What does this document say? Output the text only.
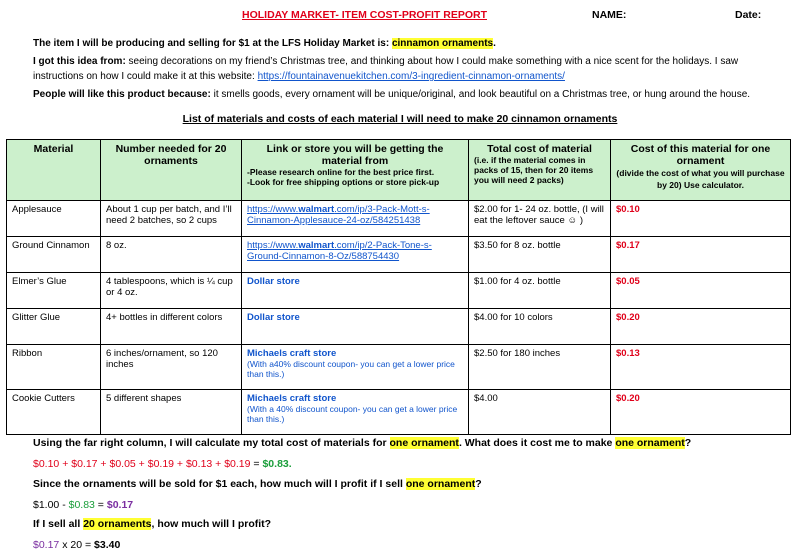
HOLIDAY MARKET- ITEM COST-PROFIT REPORT	NAME:	Date:
The item I will be producing and selling for $1 at the LFS Holiday Market is: cinnamon ornaments.
I got this idea from: seeing decorations on my friend’s Christmas tree, and thinking about how I could make something with a nice scent for the holidays. I saw
instructions on how I could make it at this website: https://fountainavenuekitchen.com/3-ingredient-cinnamon-ornaments/
People will like this product because: it smells goods, every ornament will be unique/original, and look beautiful on a Christmas tree, or hung around the house.
List of materials and costs of each material I will need to make 20 cinnamon ornaments
Material	Number needed for 20 ornaments	Link or store you will be getting the material from
-Please research online for the best price first.
-Look for free shipping options or store pick-up	Total cost of material
(i.e. if the material comes in packs of 15, then for 20 items you will need 2 packs)	Cost of this material for one ornament
(divide the cost of what you will purchase by 20) Use calculator.
Applesauce	About 1 cup per batch, and I’ll need 2 batches, so 2 cups	https://www.walmart.com/ip/3-Pack-Mott-s-Cinnamon-Applesauce-24-oz/584251438	$2.00 for 1- 24 oz. bottle, (I will eat the leftover sauce ☺ )	$0.10
Ground Cinnamon	8 oz.	https://www.walmart.com/ip/2-Pack-Tone-s-Ground-Cinnamon-8-Oz/588754430	$3.50 for 8 oz. bottle	$0.17
Elmer’s Glue	4 tablespoons, which is ¼ cup or 4 oz.	Dollar store	$1.00 for 4 oz. bottle	$0.05
Glitter Glue	4+ bottles in different colors	Dollar store	$4.00 for 10 colors	$0.20
Ribbon	6 inches/ornament, so 120 inches	Michaels craft store
(With a40% discount coupon- you can get a lower price than this.)	$2.50 for 180 inches	$0.13
Cookie Cutters	5 different shapes	Michaels craft store
(With a 40% discount coupon- you can get a lower price than this.)	$4.00	$0.20
Using the far right column, I will calculate my total cost of materials for one ornament. What does it cost me to make one ornament?
$0.10 + $0.17 + $0.05 + $0.19 + $0.13 + $0.19 = $0.83.
Since the ornaments will be sold for $1 each, how much will I profit if I sell one ornament?
$1.00 - $0.83 = $0.17
If I sell all 20 ornaments, how much will I profit?
$0.17 x 20 = $3.40
